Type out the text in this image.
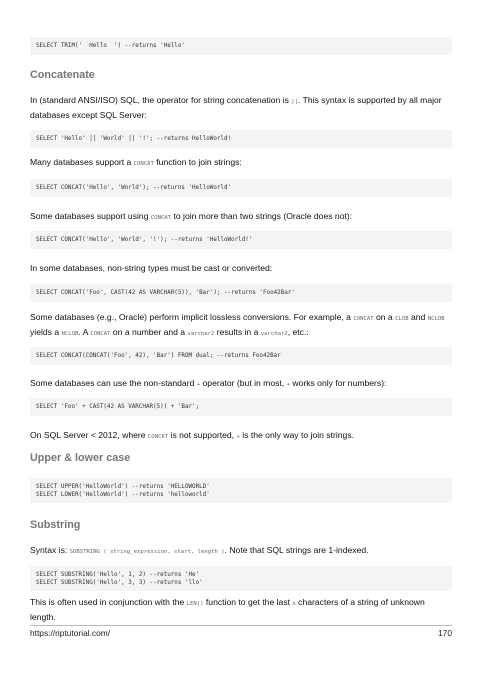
SELECT TRIM('  Hello  ') --returns 'Hello'
Concatenate
In (standard ANSI/ISO) SQL, the operator for string concatenation is ||. This syntax is supported by all major databases except SQL Server:
SELECT 'Hello' || 'World' || '!'; --returns HelloWorld!
Many databases support a CONCAT function to join strings:
SELECT CONCAT('Hello', 'World'); --returns 'HelloWorld'
Some databases support using CONCAT to join more than two strings (Oracle does not):
SELECT CONCAT('Hello', 'World', '!'); --returns 'HelloWorld!'
In some databases, non-string types must be cast or converted:
SELECT CONCAT('Foo', CAST(42 AS VARCHAR(5)), 'Bar'); --returns 'Foo42Bar'
Some databases (e.g., Oracle) perform implicit lossless conversions. For example, a CONCAT on a CLOB and NCLOB yields a NCLOB. A CONCAT on a number and a varchar2 results in a varchar2, etc.:
SELECT CONCAT(CONCAT('Foo', 42), 'Bar') FROM dual; --returns Foo42Bar
Some databases can use the non-standard + operator (but in most, + works only for numbers):
SELECT 'Foo' + CAST(42 AS VARCHAR(5)) + 'Bar';
On SQL Server < 2012, where CONCAT is not supported, + is the only way to join strings.
Upper & lower case
SELECT UPPER('HelloWorld') --returns 'HELLOWORLD'
SELECT LOWER('HelloWorld') --returns 'helloworld'
Substring
Syntax is: SUBSTRING ( string_expression, start, length ). Note that SQL strings are 1-indexed.
SELECT SUBSTRING('Hello', 1, 2) --returns 'He'
SELECT SUBSTRING('Hello', 3, 3) --returns 'llo'
This is often used in conjunction with the LEN() function to get the last n characters of a string of unknown length.
https://riptutorial.com/	170
